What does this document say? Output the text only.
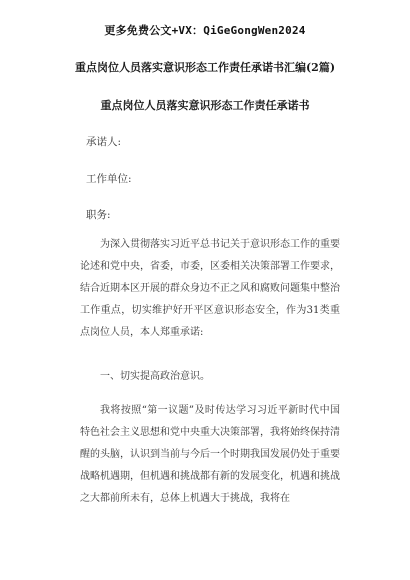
更多免费公文+VX：QiGeGongWen2024
重点岗位人员落实意识形态工作责任承诺书汇编(2篇)
重点岗位人员落实意识形态工作责任承诺书
承诺人:
工作单位:
职务:
为深入贯彻落实习近平总书记关于意识形态工作的重要论述和党中央，省委，市委，区委相关决策部署工作要求，结合近期本区开展的群众身边不正之风和腐败问题集中整治工作重点，切实维护好开平区意识形态安全，作为31类重点岗位人员，本人郑重承诺:
一、切实提高政治意识。
我将按照“第一议题”及时传达学习习近平新时代中国特色社会主义思想和党中央重大决策部署，我将始终保持清醒的头脑，认识到当前与今后一个时期我国发展仍处于重要战略机遇期，但机遇和挑战都有新的发展变化，机遇和挑战之大都前所未有，总体上机遇大于挑战，我将在
